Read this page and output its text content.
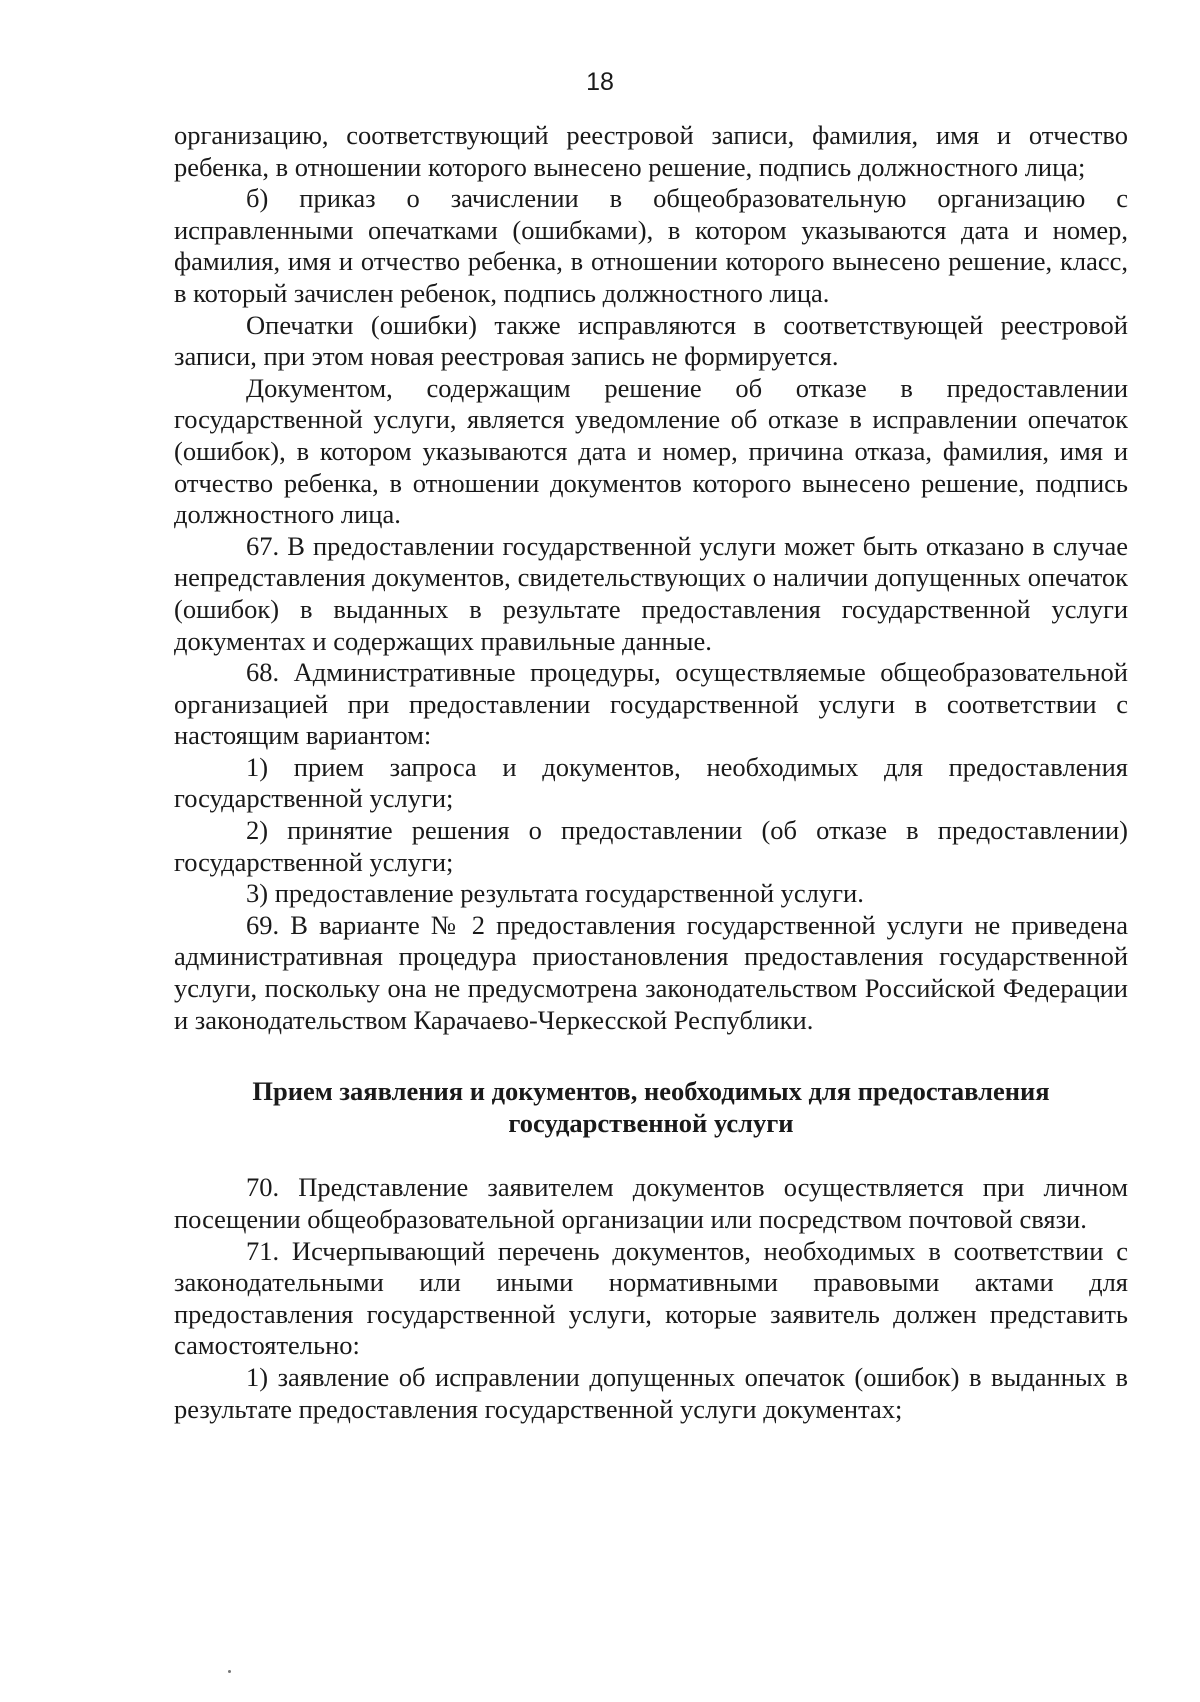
18

организацию, соответствующий реестровой записи, фамилия, имя и отчество ребенка, в отношении которого вынесено решение, подпись должностного лица;

б) приказ о зачислении в общеобразовательную организацию с исправленными опечатками (ошибками), в котором указываются дата и номер, фамилия, имя и отчество ребенка, в отношении которого вынесено решение, класс, в который зачислен ребенок, подпись должностного лица.

Опечатки (ошибки) также исправляются в соответствующей реестровой записи, при этом новая реестровая запись не формируется.

Документом, содержащим решение об отказе в предоставлении государственной услуги, является уведомление об отказе в исправлении опечаток (ошибок), в котором указываются дата и номер, причина отказа, фамилия, имя и отчество ребенка, в отношении документов которого вынесено решение, подпись должностного лица.

67. В предоставлении государственной услуги может быть отказано в случае непредставления документов, свидетельствующих о наличии допущенных опечаток (ошибок) в выданных в результате предоставления государственной услуги документах и содержащих правильные данные.

68. Административные процедуры, осуществляемые общеобразовательной организацией при предоставлении государственной услуги в соответствии с настоящим вариантом:

1) прием запроса и документов, необходимых для предоставления государственной услуги;

2) принятие решения о предоставлении (об отказе в предоставлении) государственной услуги;

3) предоставление результата государственной услуги.

69. В варианте № 2 предоставления государственной услуги не приведена административная процедура приостановления предоставления государственной услуги, поскольку она не предусмотрена законодательством Российской Федерации и законодательством Карачаево-Черкесской Республики.

Прием заявления и документов, необходимых для предоставления государственной услуги

70. Представление заявителем документов осуществляется при личном посещении общеобразовательной организации или посредством почтовой связи.

71. Исчерпывающий перечень документов, необходимых в соответствии с законодательными или иными нормативными правовыми актами для предоставления государственной услуги, которые заявитель должен представить самостоятельно:

1) заявление об исправлении допущенных опечаток (ошибок) в выданных в результате предоставления государственной услуги документах;
